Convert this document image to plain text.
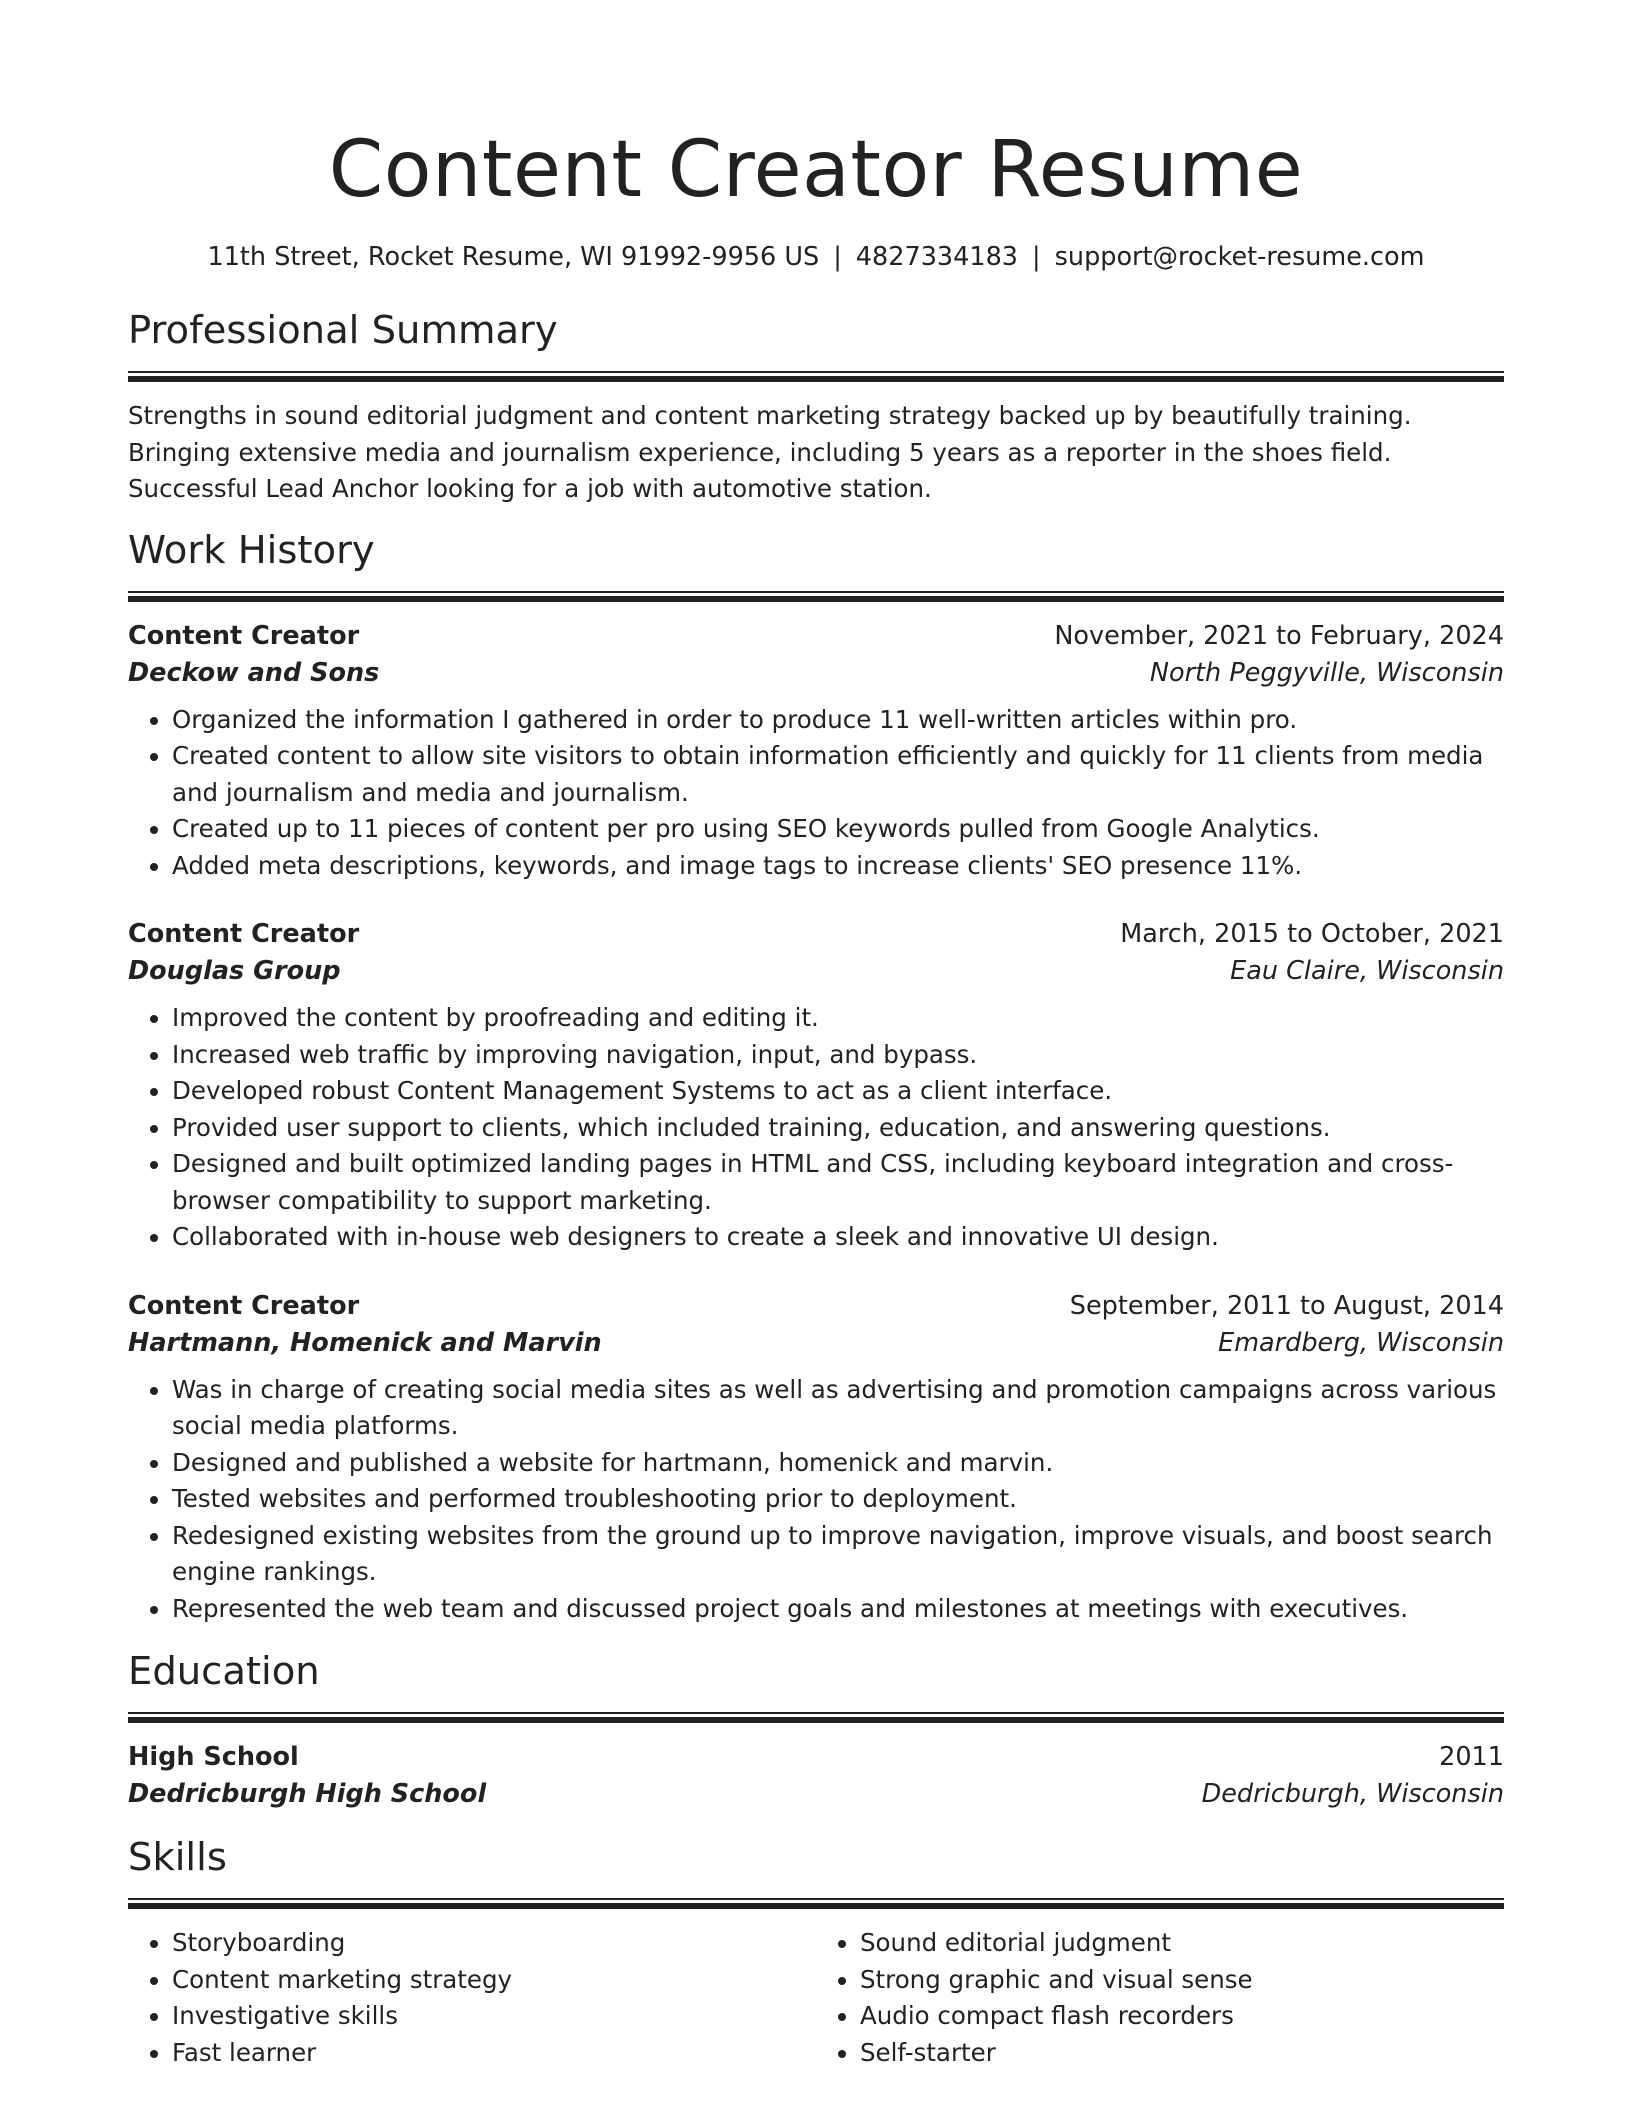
Content Creator Resume
11th Street, Rocket Resume, WI 91992-9956 US | 4827334183 | support@rocket-resume.com
Professional Summary

Strengths in sound editorial judgment and content marketing strategy backed up by beautifully training. Bringing extensive media and journalism experience, including 5 years as a reporter in the shoes field. Successful Lead Anchor looking for a job with automotive station.

Work History
Content Creator	November, 2021 to February, 2024
Deckow and Sons	North Peggyville, Wisconsin
• Organized the information I gathered in order to produce 11 well-written articles within pro.
• Created content to allow site visitors to obtain information efficiently and quickly for 11 clients from media and journalism and media and journalism.
• Created up to 11 pieces of content per pro using SEO keywords pulled from Google Analytics.
• Added meta descriptions, keywords, and image tags to increase clients' SEO presence 11%.
Content Creator	March, 2015 to October, 2021
Douglas Group	Eau Claire, Wisconsin
• Improved the content by proofreading and editing it.
• Increased web traffic by improving navigation, input, and bypass.
• Developed robust Content Management Systems to act as a client interface.
• Provided user support to clients, which included training, education, and answering questions.
• Designed and built optimized landing pages in HTML and CSS, including keyboard integration and cross-browser compatibility to support marketing.
• Collaborated with in-house web designers to create a sleek and innovative UI design.
Content Creator	September, 2011 to August, 2014
Hartmann, Homenick and Marvin	Emardberg, Wisconsin
• Was in charge of creating social media sites as well as advertising and promotion campaigns across various social media platforms.
• Designed and published a website for hartmann, homenick and marvin.
• Tested websites and performed troubleshooting prior to deployment.
• Redesigned existing websites from the ground up to improve navigation, improve visuals, and boost search engine rankings.
• Represented the web team and discussed project goals and milestones at meetings with executives.
Education
High School	2011
Dedricburgh High School	Dedricburgh, Wisconsin
Skills
• Storyboarding
• Content marketing strategy
• Investigative skills
• Fast learner
• Sound editorial judgment
• Strong graphic and visual sense
• Audio compact flash recorders
• Self-starter
